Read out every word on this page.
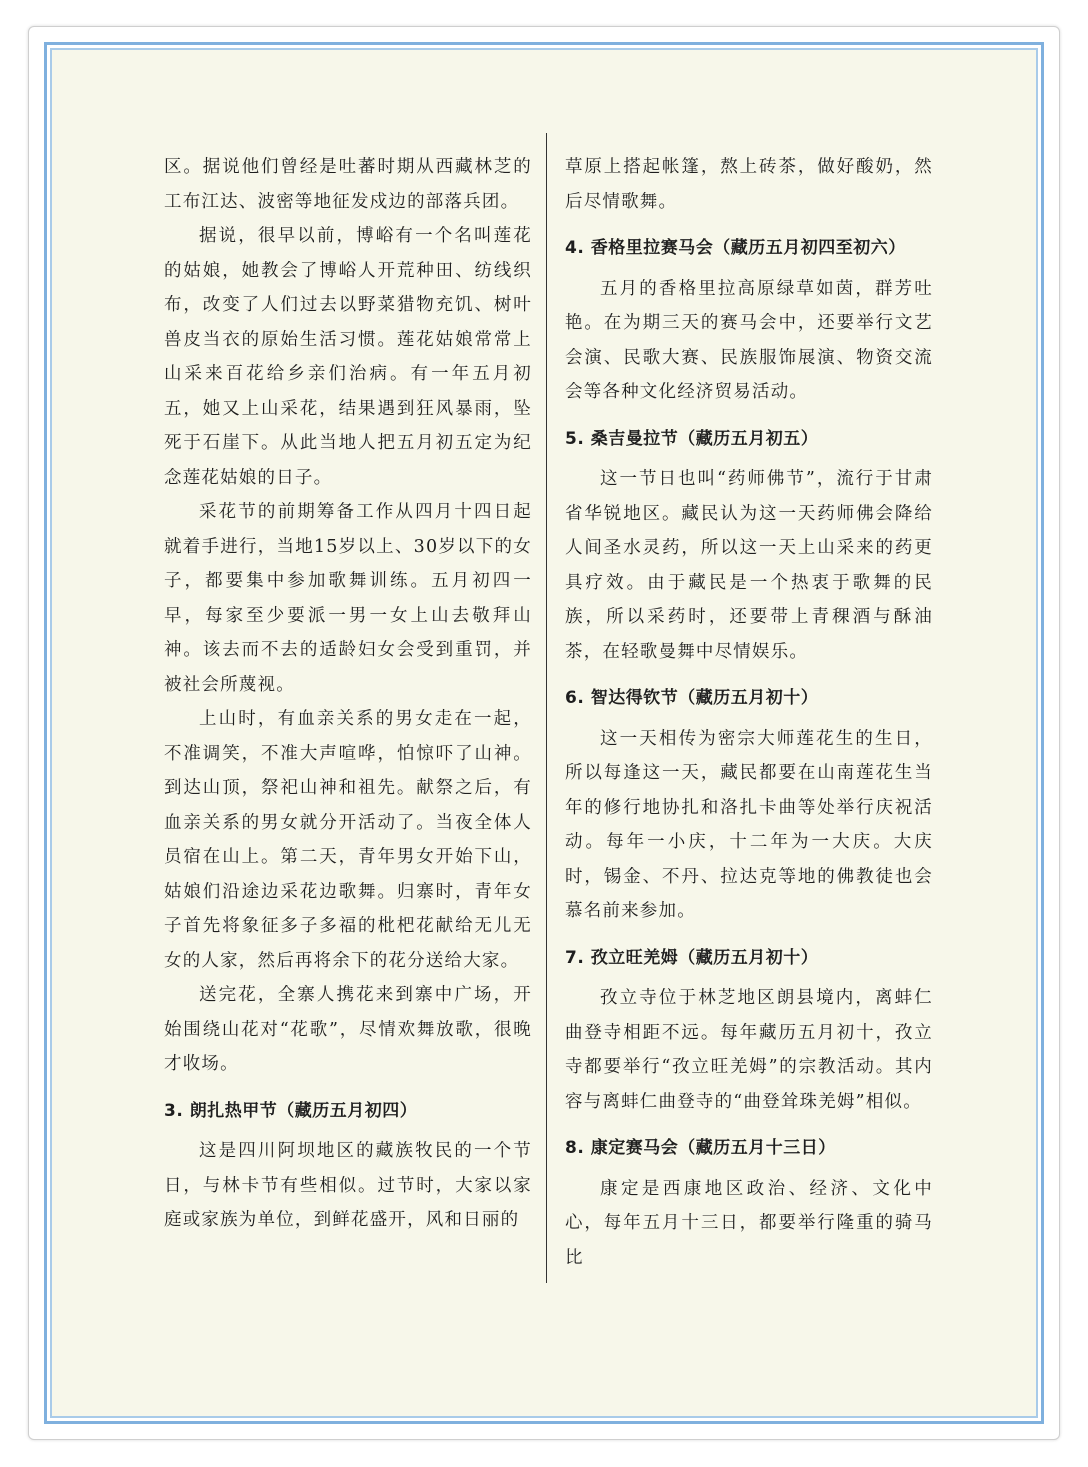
区。据说他们曾经是吐蕃时期从西藏林芝的工布江达、波密等地征发戍边的部落兵团。

据说，很早以前，博峪有一个名叫莲花的姑娘，她教会了博峪人开荒种田、纺线织布，改变了人们过去以野菜猎物充饥、树叶兽皮当衣的原始生活习惯。莲花姑娘常常上山采来百花给乡亲们治病。有一年五月初五，她又上山采花，结果遇到狂风暴雨，坠死于石崖下。从此当地人把五月初五定为纪念莲花姑娘的日子。

采花节的前期筹备工作从四月十四日起就着手进行，当地15岁以上、30岁以下的女子，都要集中参加歌舞训练。五月初四一早，每家至少要派一男一女上山去敬拜山神。该去而不去的适龄妇女会受到重罚，并被社会所蔑视。

上山时，有血亲关系的男女走在一起，不准调笑，不准大声喧哗，怕惊吓了山神。到达山顶，祭祀山神和祖先。献祭之后，有血亲关系的男女就分开活动了。当夜全体人员宿在山上。第二天，青年男女开始下山，姑娘们沿途边采花边歌舞。归寨时，青年女子首先将象征多子多福的枇杷花献给无儿无女的人家，然后再将余下的花分送给大家。

送完花，全寨人携花来到寨中广场，开始围绕山花对“花歌”，尽情欢舞放歌，很晚才收场。

3. 朗扎热甲节（藏历五月初四）

这是四川阿坝地区的藏族牧民的一个节日，与林卡节有些相似。过节时，大家以家庭或家族为单位，到鲜花盛开，风和日丽的

草原上搭起帐篷，熬上砖茶，做好酸奶，然后尽情歌舞。

4. 香格里拉赛马会（藏历五月初四至初六）

五月的香格里拉高原绿草如茵，群芳吐艳。在为期三天的赛马会中，还要举行文艺会演、民歌大赛、民族服饰展演、物资交流会等各种文化经济贸易活动。

5. 桑吉曼拉节（藏历五月初五）

这一节日也叫“药师佛节”，流行于甘肃省华锐地区。藏民认为这一天药师佛会降给人间圣水灵药，所以这一天上山采来的药更具疗效。由于藏民是一个热衷于歌舞的民族，所以采药时，还要带上青稞酒与酥油茶，在轻歌曼舞中尽情娱乐。

6. 智达得钦节（藏历五月初十）

这一天相传为密宗大师莲花生的生日，所以每逢这一天，藏民都要在山南莲花生当年的修行地协扎和洛扎卡曲等处举行庆祝活动。每年一小庆，十二年为一大庆。大庆时，锡金、不丹、拉达克等地的佛教徒也会慕名前来参加。

7. 孜立旺羌姆（藏历五月初十）

孜立寺位于林芝地区朗县境内，离蚌仁曲登寺相距不远。每年藏历五月初十，孜立寺都要举行“孜立旺羌姆”的宗教活动。其内容与离蚌仁曲登寺的“曲登耸珠羌姆”相似。

8. 康定赛马会（藏历五月十三日）

康定是西康地区政治、经济、文化中心，每年五月十三日，都要举行隆重的骑马比
